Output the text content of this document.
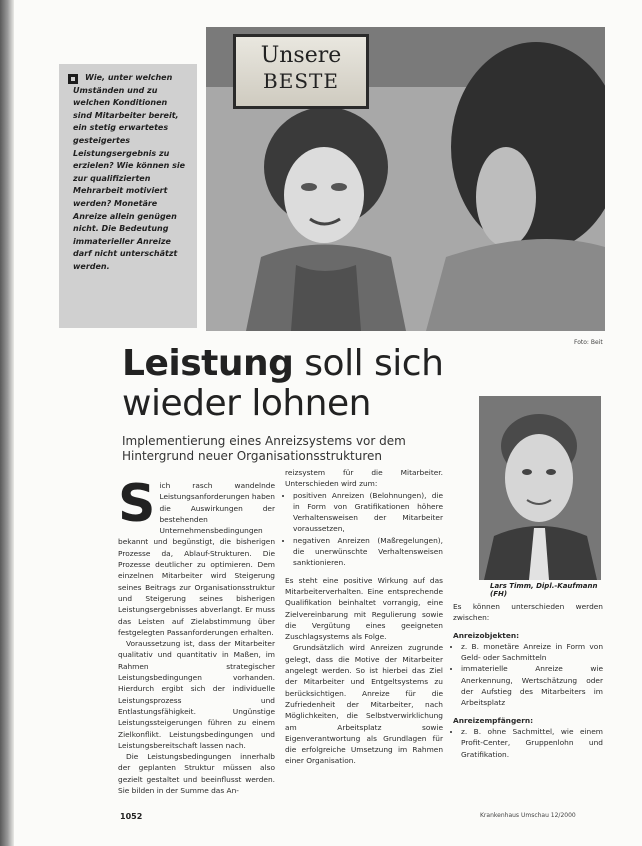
Unsere
BESTE
Foto: Beit
Wie, unter welchen Umständen und zu welchen Konditionen sind Mitarbeiter bereit, ein stetig erwartetes gesteigertes Leistungsergebnis zu erzielen? Wie können sie zur qualifizierten Mehrarbeit motiviert werden? Monetäre Anreize allein genügen nicht. Die Bedeutung immaterieller Anreize darf nicht unterschätzt werden.
Leistung soll sich
wieder lohnen
Implementierung eines Anreizsystems vor dem Hintergrund neuer Organisationsstrukturen
Lars Timm, Dipl.-Kaufmann (FH)
S ich rasch wandelnde Leistungsanforderungen haben die Auswirkungen der bestehenden Unternehmensbedingungen bekannt und begünstigt, die bisherigen Prozesse da, Ablauf-Strukturen. Die Prozesse deutlicher zu optimieren. Dem einzelnen Mitarbeiter wird Steigerung seines Beitrags zur Organisationsstruktur und Steigerung seines bisherigen Leistungsergebnisses abverlangt. Er muss das Leisten auf Zielabstimmung über festgelegten Passanforderungen erhalten.

Voraussetzung ist, dass der Mitarbeiter qualitativ und quantitativ in Maßen, im Rahmen strategischer Leistungsbedingungen vorhanden. Hierdurch ergibt sich der individuelle Leistungsprozess und Entlastungsfähigkeit. Ungünstige Leistungssteigerungen führen zu einem Zielkonflikt. Leistungsbedingungen und Leistungsbereitschaft lassen nach.

Die Leistungsbedingungen innerhalb der geplanten Struktur müssen also gezielt gestaltet und beeinflusst werden. Sie bilden in der Summe das An-

reizsystem für die Mitarbeiter. Unterschieden wird zum:

• positiven Anreizen (Belohnungen), die in Form von Gratifikationen höhere Verhaltensweisen der Mitarbeiter voraussetzen,
• negativen Anreizen (Maßregelungen), die unerwünschte Verhaltensweisen sanktionieren.

Es steht eine positive Wirkung auf das Mitarbeiterverhalten. Eine entsprechende Qualifikation beinhaltet vorrangig, eine Zielvereinbarung mit Regulierung sowie die Vergütung eines geeigneten Zuschlagsystems als Folge.

Grundsätzlich wird Anreizen zugrunde gelegt, dass die Motive der Mitarbeiter angelegt werden. So ist hierbei das Ziel der Mitarbeiter und Entgeltsystems zu berücksichtigen. Anreize für die Zufriedenheit der Mitarbeiter, nach Möglichkeiten, die Selbstverwirklichung am Arbeitsplatz sowie Eigenverantwortung als Grundlagen für die erfolgreiche Umsetzung im Rahmen einer Organisation.

Es können unterschieden werden zwischen:

Anreizobjekten:
• z. B. monetäre Anreize in Form von Geld- oder Sachmitteln
• immaterielle Anreize wie Anerkennung, Wertschätzung oder der Aufstieg des Mitarbeiters im Arbeitsplatz
Anreizempfängern:
• z. B. ohne Sachmittel, wie einem Profit-Center, Gruppenlohn und Gratifikation.
1052	Krankenhaus Umschau 12/2000
